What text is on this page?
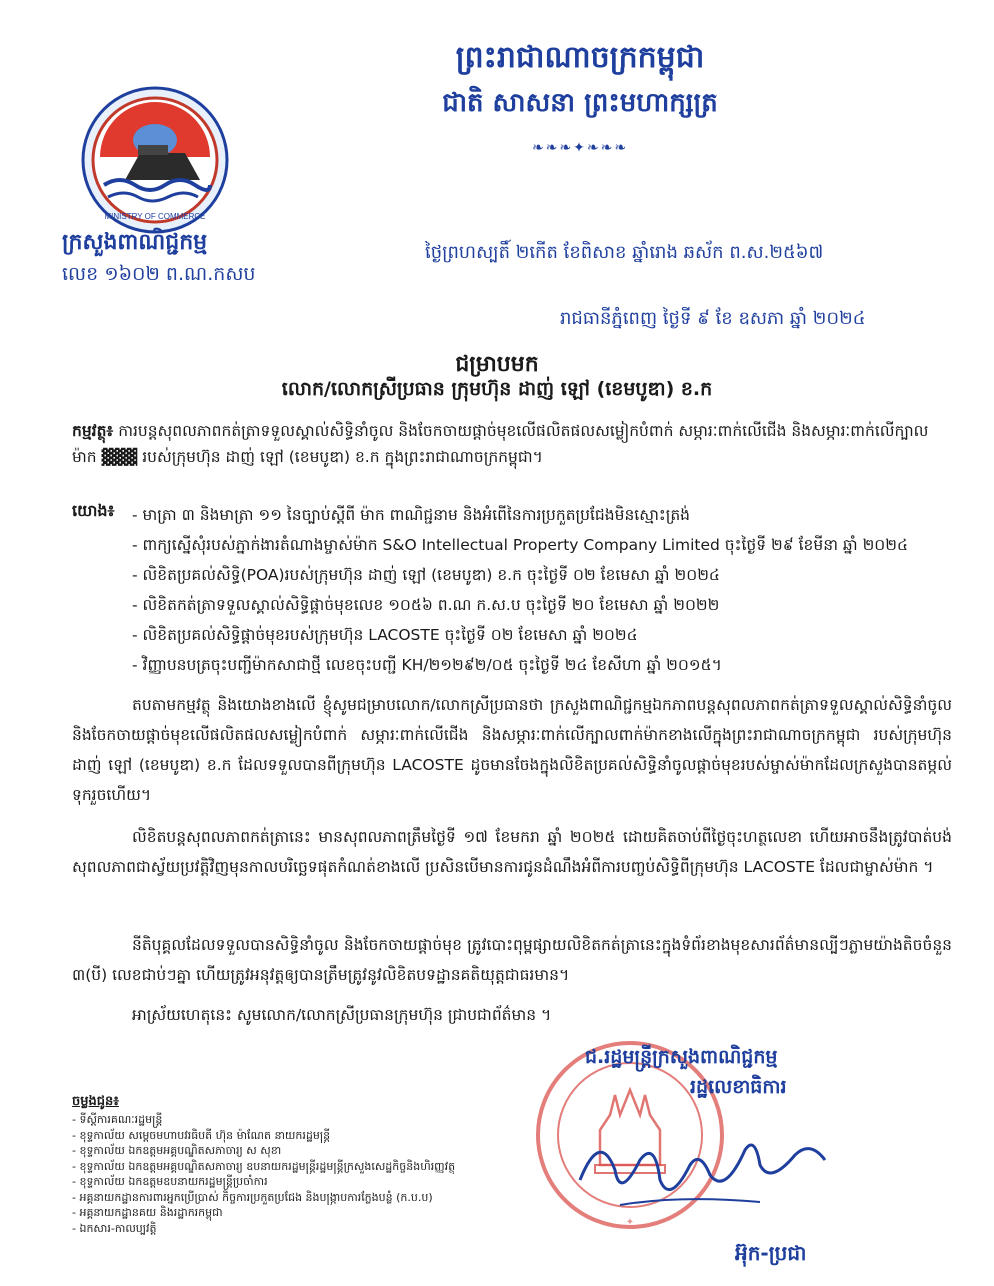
MINISTRY OF COMMERCE
ព្រះរាជាណាចក្រកម្ពុជា
ជាតិ សាសនា ព្រះមហាក្សត្រ
❧❧❧✦❧❧❧
ក្រសួងពាណិជ្ជកម្ម
លេខ ១៦០២ ព.ណ.កសប
ថ្ងៃព្រហស្បតិ៍ ២កើត ខែពិសាខ ឆ្នាំរោង ឆស័ក ព.ស.២៥៦៧
រាជធានីភ្នំពេញ ថ្ងៃទី ៩ ខែ ឧសភា ឆ្នាំ ២០២៤
ជម្រាបមក
លោក/លោកស្រីប្រធាន ក្រុមហ៊ុន ដាញ់ ឡៅ (ខេមបូឌា) ខ.ក
កម្មវត្ថុ៖ ការបន្តសុពលភាពកត់ត្រាទទួលស្គាល់សិទ្ធិនាំចូល និងចែកចាយផ្តាច់មុខលើផលិតផលសម្លៀកបំពាក់ សម្ភារៈពាក់លើជើង និងសម្ភារៈពាក់លើក្បាលម៉ាក ▓▓▓ របស់ក្រុមហ៊ុន ដាញ់ ឡៅ (ខេមបូឌា) ខ.ក ក្នុងព្រះរាជាណាចក្រកម្ពុជា។
យោង៖ - មាត្រា ៣ និងមាត្រា ១១ នៃច្បាប់ស្តីពី ម៉ាក ពាណិជ្ជនាម និងអំពើនៃការប្រកួតប្រជែងមិនស្មោះត្រង់
- ពាក្យស្នើសុំរបស់ភ្នាក់ងារតំណាងម្ចាស់ម៉ាក S&O Intellectual Property Company Limited ចុះថ្ងៃទី ២៩ ខែមីនា ឆ្នាំ ២០២៤
- លិខិតប្រគល់សិទ្ធិ(POA)របស់ក្រុមហ៊ុន ដាញ់ ឡៅ (ខេមបូឌា) ខ.ក ចុះថ្ងៃទី ០២ ខែមេសា ឆ្នាំ ២០២៤
- លិខិតកត់ត្រាទទួលស្គាល់សិទ្ធិផ្តាច់មុខលេខ ១០៥៦ ព.ណ ក.ស.ប ចុះថ្ងៃទី ២០ ខែមេសា ឆ្នាំ ២០២២
- លិខិតប្រគល់សិទ្ធិផ្តាច់មុខរបស់ក្រុមហ៊ុន LACOSTE ចុះថ្ងៃទី ០២ ខែមេសា ឆ្នាំ ២០២៤
- វិញ្ញាបនបត្រចុះបញ្ជីម៉ាកសាជាថ្មី លេខចុះបញ្ជី KH/២១២៩២/០៥ ចុះថ្ងៃទី ២៤ ខែសីហា ឆ្នាំ ២០១៥។
តបតាមកម្មវត្ថុ និងយោងខាងលើ ខ្ញុំសូមជម្រាបលោក/លោកស្រីប្រធានថា ក្រសួងពាណិជ្ជកម្មឯកភាពបន្តសុពលភាពកត់ត្រាទទួលស្គាល់សិទ្ធិនាំចូល និងចែកចាយផ្តាច់មុខលើផលិតផលសម្លៀកបំពាក់ សម្ភារៈពាក់លើជើង និងសម្ភារៈពាក់លើក្បាលពាក់ម៉ាកខាងលើក្នុងព្រះរាជាណាចក្រកម្ពុជា របស់ក្រុមហ៊ុន ដាញ់ ឡៅ (ខេមបូឌា) ខ.ក ដែលទទួលបានពីក្រុមហ៊ុន LACOSTE ដូចមានចែងក្នុងលិខិតប្រគល់សិទ្ធិនាំចូលផ្តាច់មុខរបស់ម្ចាស់ម៉ាកដែលក្រសួងបានតម្កល់ទុករួចហើយ។
លិខិតបន្តសុពលភាពកត់ត្រានេះ មានសុពលភាពត្រឹមថ្ងៃទី ១៧ ខែមករា ឆ្នាំ ២០២៥ ដោយគិតចាប់ពីថ្ងៃចុះហត្ថលេខា ហើយអាចនឹងត្រូវបាត់បង់សុពលភាពជាស្វ័យប្រវត្តិវិញមុនកាលបរិច្ឆេទផុតកំណត់ខាងលើ ប្រសិនបើមានការជូនដំណឹងអំពីការបញ្ចប់សិទ្ធិពីក្រុមហ៊ុន LACOSTE ដែលជាម្ចាស់ម៉ាក ។
នីតិបុគ្គលដែលទទួលបានសិទ្ធិនាំចូល និងចែកចាយផ្តាច់មុខ ត្រូវបោះពុម្ពផ្សាយលិខិតកត់ត្រានេះក្នុងទំព័រខាងមុខសារព័ត៌មានល្បីៗភ្លាមយ៉ាងតិចចំនួន ៣(បី) លេខជាប់ៗគ្នា ហើយត្រូវអនុវត្តឲ្យបានត្រឹមត្រូវនូវលិខិតបទដ្ឋានគតិយុត្តជាធរមាន។
អាស្រ័យហេតុនេះ សូមលោក/លោកស្រីប្រធានក្រុមហ៊ុន ជ្រាបជាព័ត៌មាន ។
✦
ជ.រដ្ឋមន្ត្រីក្រសួងពាណិជ្ជកម្ម
រដ្ឋលេខាធិការ
អ៊ុក-ប្រជា
ចម្លងជូន៖
- ទីស្តីការគណៈរដ្ឋមន្ត្រី
- ខុទ្ទកាល័យ សម្តេចមហាបវរធិបតី ហ៊ុន ម៉ាណែត នាយករដ្ឋមន្ត្រី
- ខុទ្ទកាល័យ ឯកឧត្តមអគ្គបណ្ឌិតសភាចារ្យ ស សុខា
- ខុទ្ទកាល័យ ឯកឧត្តមអគ្គបណ្ឌិតសភាចារ្យ ឧបនាយករដ្ឋមន្ត្រីរដ្ឋមន្ត្រីក្រសួងសេដ្ឋកិច្ចនិងហិរញ្ញវត្ថុ
- ខុទ្ទកាល័យ ឯកឧត្តមឧបនាយករដ្ឋមន្ត្រីប្រចាំការ
- អគ្គនាយកដ្ឋានការពារអ្នកប្រើប្រាស់ កិច្ចការប្រកួតប្រជែង និងបង្ក្រាបការក្លែងបន្លំ (ក.ប.ប)
- អគ្គនាយកដ្ឋានគយ និងរដ្ឋាករកម្ពុជា
- ឯកសារ-កាលប្បវត្តិ
